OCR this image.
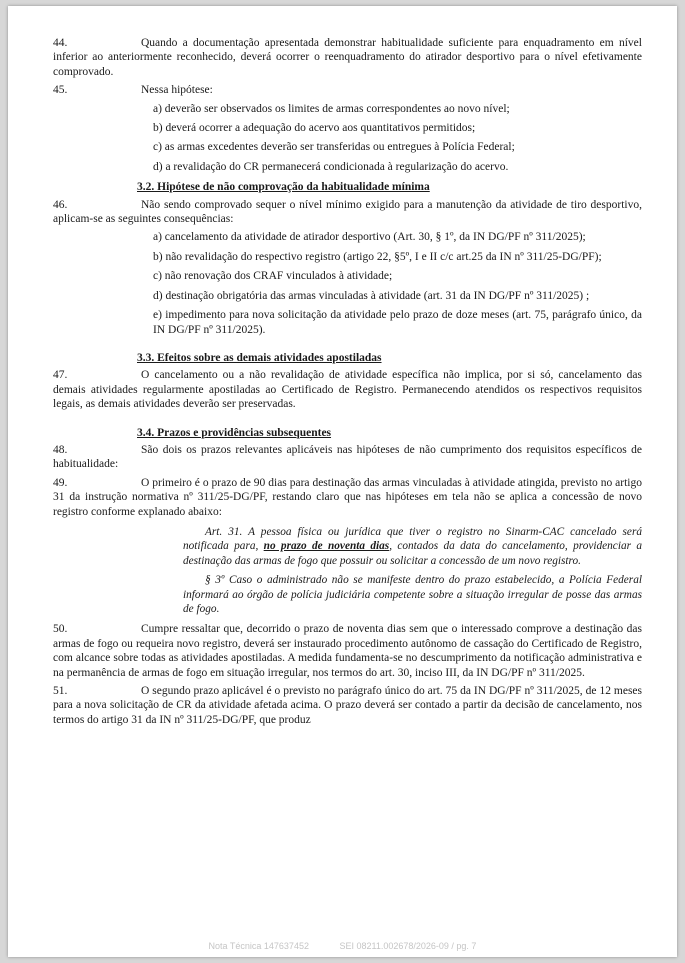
44.	Quando a documentação apresentada demonstrar habitualidade suficiente para enquadramento em nível inferior ao anteriormente reconhecido, deverá ocorrer o reenquadramento do atirador desportivo para o nível efetivamente comprovado.

45.	Nessa hipótese:

a) deverão ser observados os limites de armas correspondentes ao novo nível;

b) deverá ocorrer a adequação do acervo aos quantitativos permitidos;

c) as armas excedentes deverão ser transferidas ou entregues à Polícia Federal;

d) a revalidação do CR permanecerá condicionada à regularização do acervo.

3.2. Hipótese de não comprovação da habitualidade mínima

46.	Não sendo comprovado sequer o nível mínimo exigido para a manutenção da atividade de tiro desportivo, aplicam-se as seguintes consequências:

a) cancelamento da atividade de atirador desportivo (Art. 30, § 1º, da IN DG/PF nº 311/2025);

b) não revalidação do respectivo registro (artigo 22, §5º, I e II c/c art.25 da IN nº 311/25-DG/PF);

c) não renovação dos CRAF vinculados à atividade;

d) destinação obrigatória das armas vinculadas à atividade (art. 31 da IN DG/PF nº 311/2025) ;

e) impedimento para nova solicitação da atividade pelo prazo de doze meses (art. 75, parágrafo único, da IN DG/PF nº 311/2025).

3.3. Efeitos sobre as demais atividades apostiladas

47.	O cancelamento ou a não revalidação de atividade específica não implica, por si só, cancelamento das demais atividades regularmente apostiladas ao Certificado de Registro. Permanecendo atendidos os respectivos requisitos legais, as demais atividades deverão ser preservadas.

3.4. Prazos e providências subsequentes

48.	São dois os prazos relevantes aplicáveis nas hipóteses de não cumprimento dos requisitos específicos de habitualidade:

49.	O primeiro é o prazo de 90 dias para destinação das armas vinculadas à atividade atingida, previsto no artigo 31 da instrução normativa nº 311/25-DG/PF, restando claro que nas hipóteses em tela não se aplica a concessão de novo registro conforme explanado abaixo:

Art. 31. A pessoa física ou jurídica que tiver o registro no Sinarm-CAC cancelado será notificada para, no prazo de noventa dias, contados da data do cancelamento, providenciar a destinação das armas de fogo que possuir ou solicitar a concessão de um novo registro.

§ 3º Caso o administrado não se manifeste dentro do prazo estabelecido, a Polícia Federal informará ao órgão de polícia judiciária competente sobre a situação irregular de posse das armas de fogo.

50.	Cumpre ressaltar que, decorrido o prazo de noventa dias sem que o interessado comprove a destinação das armas de fogo ou requeira novo registro, deverá ser instaurado procedimento autônomo de cassação do Certificado de Registro, com alcance sobre todas as atividades apostiladas. A medida fundamenta-se no descumprimento da notificação administrativa e na permanência de armas de fogo em situação irregular, nos termos do art. 30, inciso III, da IN DG/PF nº 311/2025.

51.	O segundo prazo aplicável é o previsto no parágrafo único do art. 75 da IN DG/PF nº 311/2025, de 12 meses para a nova solicitação de CR da atividade afetada acima. O prazo deverá ser contado a partir da decisão de cancelamento, nos termos do artigo 31 da IN nº 311/25-DG/PF, que produz

Nota Técnica 147637452	SEI 08211.002678/2026-09 / pg. 7
